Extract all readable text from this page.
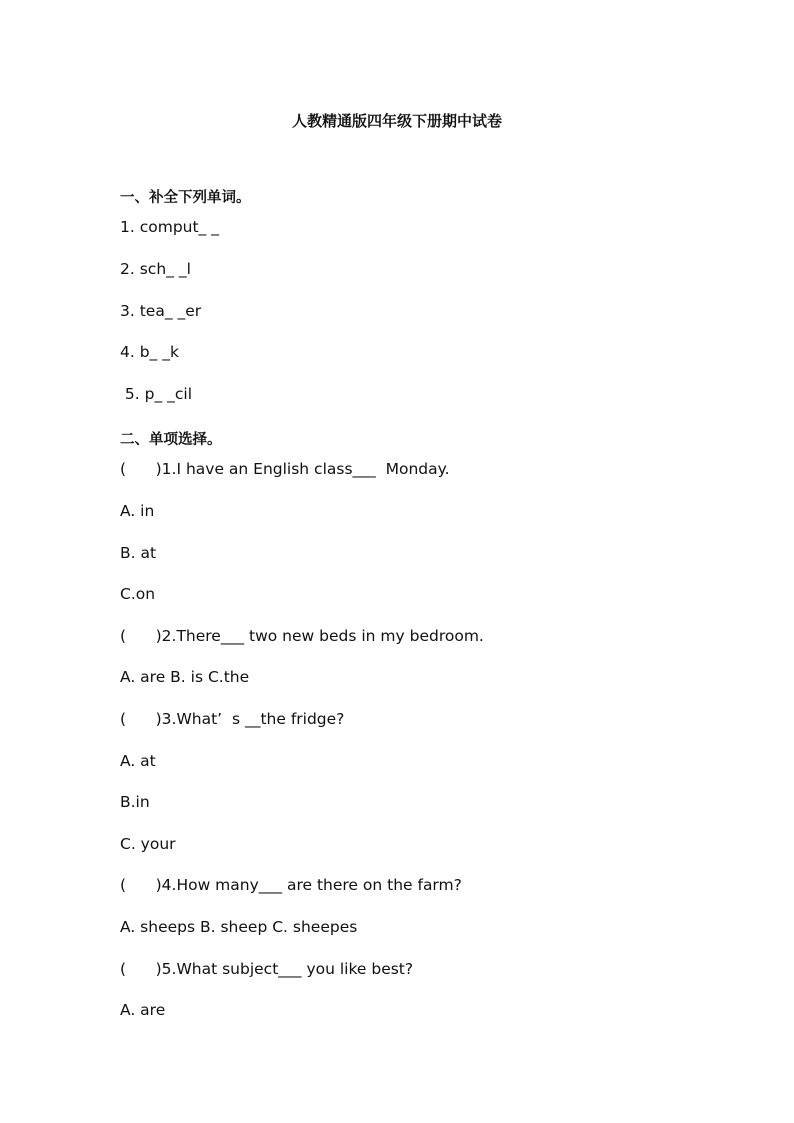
人教精通版四年级下册期中试卷
一、补全下列单词。
1. comput_ _
2. sch_ _l
3. tea_ _er
4. b_ _k
5. p_ _cil
二、单项选择。
(      )1.I have an English class___  Monday.
A. in
B. at
C.on
(      )2.There___ two new beds in my bedroom.
A. are B. is C.the
(      )3.What’  s __the fridge?
A. at
B.in
C. your
(      )4.How many___ are there on the farm?
A. sheeps B. sheep C. sheepes
(      )5.What subject___ you like best?
A. are
